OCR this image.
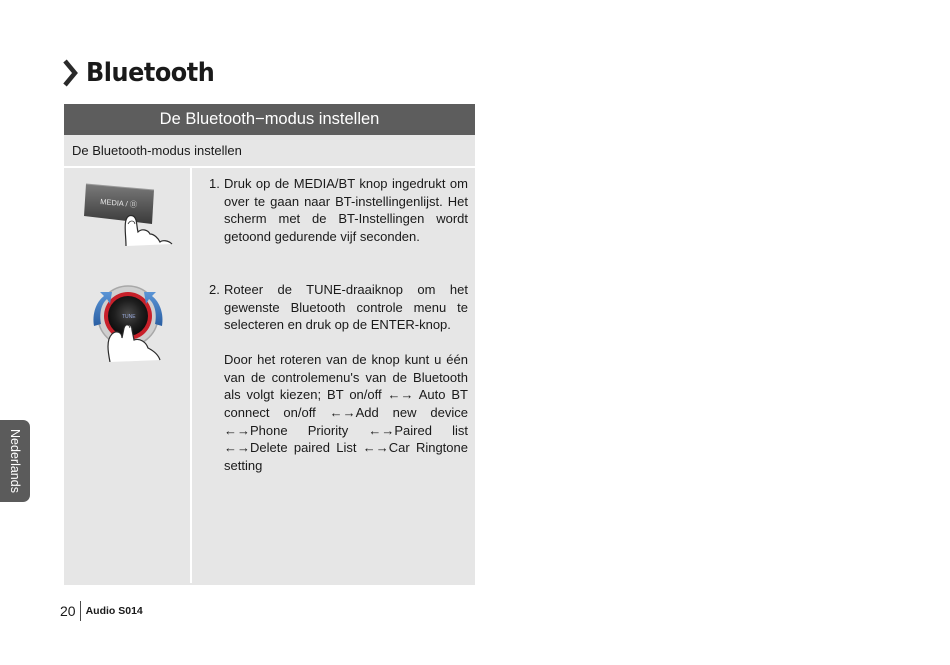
Bluetooth
De Bluetooth−modus instellen
De Bluetooth-modus instellen
MEDIA / Ⓑ
TUNE
1. Druk op de MEDIA/BT knop ingedrukt om over te gaan naar BT-instellingenlijst. Het scherm met de BT-Instellingen wordt getoond gedurende vijf seconden.

2. Roteer de TUNE-draaiknop om het gewenste Bluetooth controle menu te selecteren en druk op de ENTER-knop.

Door het roteren van de knop kunt u één van de controlemenu's van de Bluetooth als volgt kiezen; BT on/off ←→ Auto BT connect on/off ←→Add new device ←→Phone Priority ←→Paired list ←→Delete paired List ←→Car Ringtone setting

Nederlands
20 Audio S014
